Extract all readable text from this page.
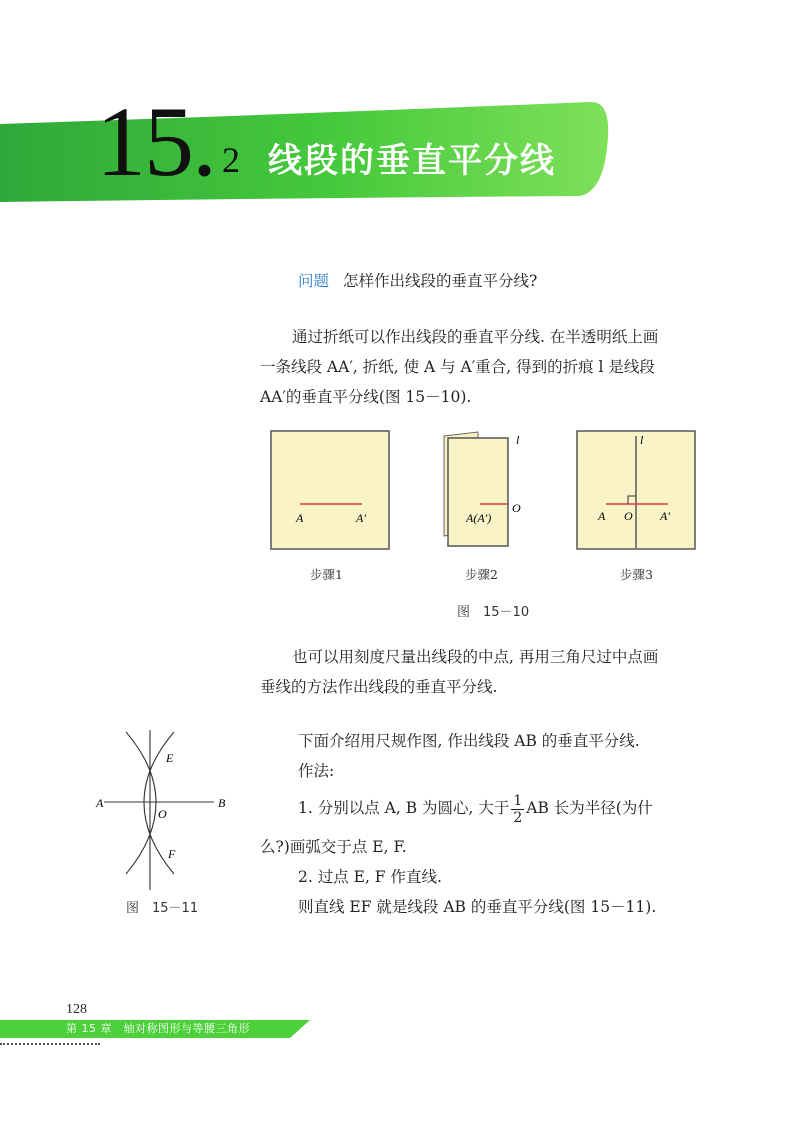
15. 2 线段的垂直平分线

问题 怎样作出线段的垂直平分线?

通过折纸可以作出线段的垂直平分线. 在半透明纸上画
一条线段 AA′, 折纸, 使 A 与 A′重合, 得到的折痕 l 是线段
AA′的垂直平分线(图 15－10).

A	A′
l
O
A(A′)
l
A O A′
步骤1	步骤2	步骤3
图　15－10

也可以用刻度尺量出线段的中点, 再用三角尺过中点画
垂线的方法作出线段的垂直平分线.

A	B
E
O
F
图　15－11

下面介绍用尺规作图, 作出线段 AB 的垂直平分线.
作法:

1. 分别以点 A, B 为圆心, 大于 $\frac{1}{2}$ AB 长为半径(为什

么?)画弧交于点 E, F.
2. 过点 E, F 作直线.
则直线 EF 就是线段 AB 的垂直平分线(图 15－11).

128
第 15 章　轴对称图形与等腰三角形
